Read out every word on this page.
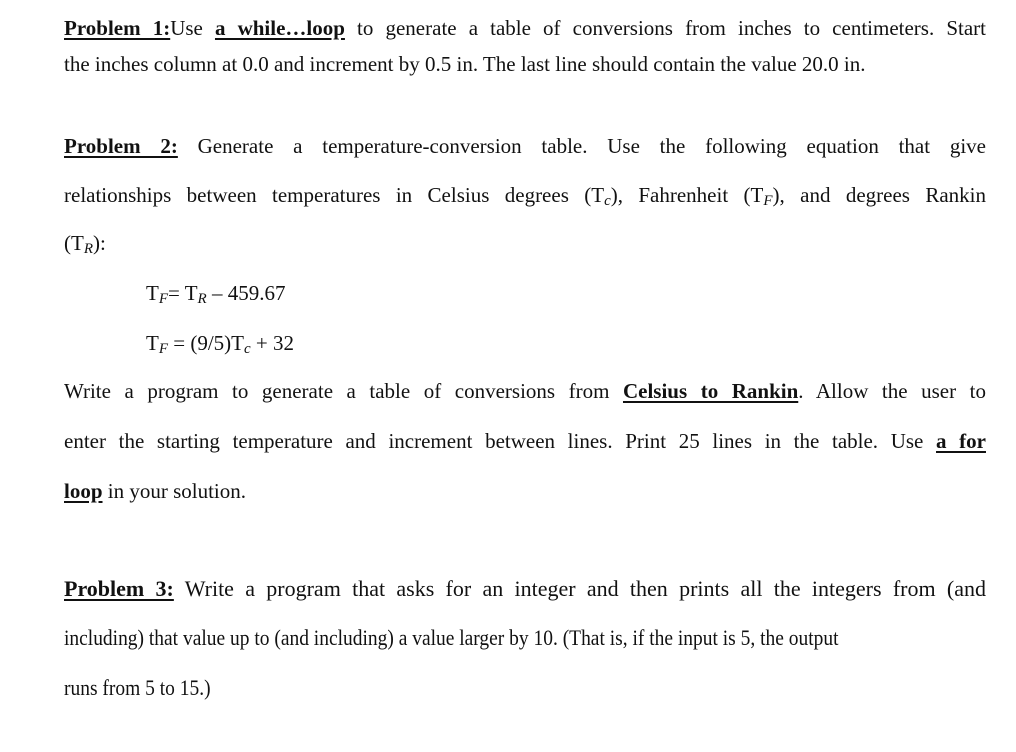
Problem 1:Use a while…loop to generate a table of conversions from inches to centimeters. Start
the inches column at 0.0 and increment by 0.5 in. The last line should contain the value 20.0 in.
Problem 2: Generate a temperature-conversion table. Use the following equation that give
relationships between temperatures in Celsius degrees $(T_c)$, Fahrenheit $(T_F)$, and degrees Rankin
$(T_R)$:
$T_F= T_R - 459.67$
$T_F = (9/5)T_c + 32$
Write a program to generate a table of conversions from Celsius to Rankin. Allow the user to
enter the starting temperature and increment between lines. Print 25 lines in the table. Use a for
loop in your solution.
Problem 3: Write a program that asks for an integer and then prints all the integers from (and
including) that value up to (and including) a value larger by 10. (That is, if the input is 5, the output
runs from 5 to 15.)
